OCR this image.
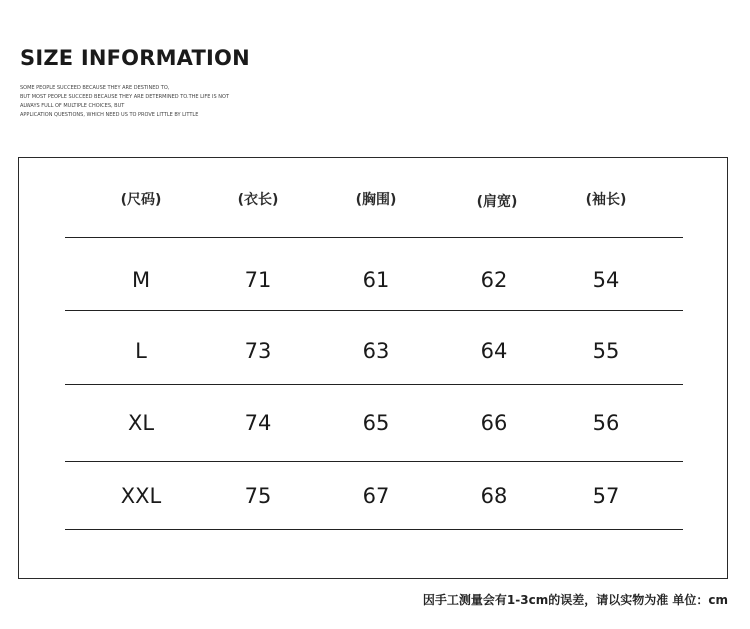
SIZE INFORMATION
SOME PEOPLE SUCCEED BECAUSE THEY ARE DESTINED TO,
BUT MOST PEOPLE SUCCEED BECAUSE THEY ARE DETERMINED TO.THE LIFE IS NOT
ALWAYS FULL OF MULTIPLE CHOICES, BUT
APPLICATION QUESTIONS, WHICH NEED US TO PROVE LITTLE BY LITTLE
(尺码)	(衣长)	(胸围)	(肩宽)	(袖长)
M	71	61	62	54
L	73	63	64	55
XL	74	65	66	56
XXL	75	67	68	57
因手工测量会有1-3cm的误差，请以实物为准 单位：cm
